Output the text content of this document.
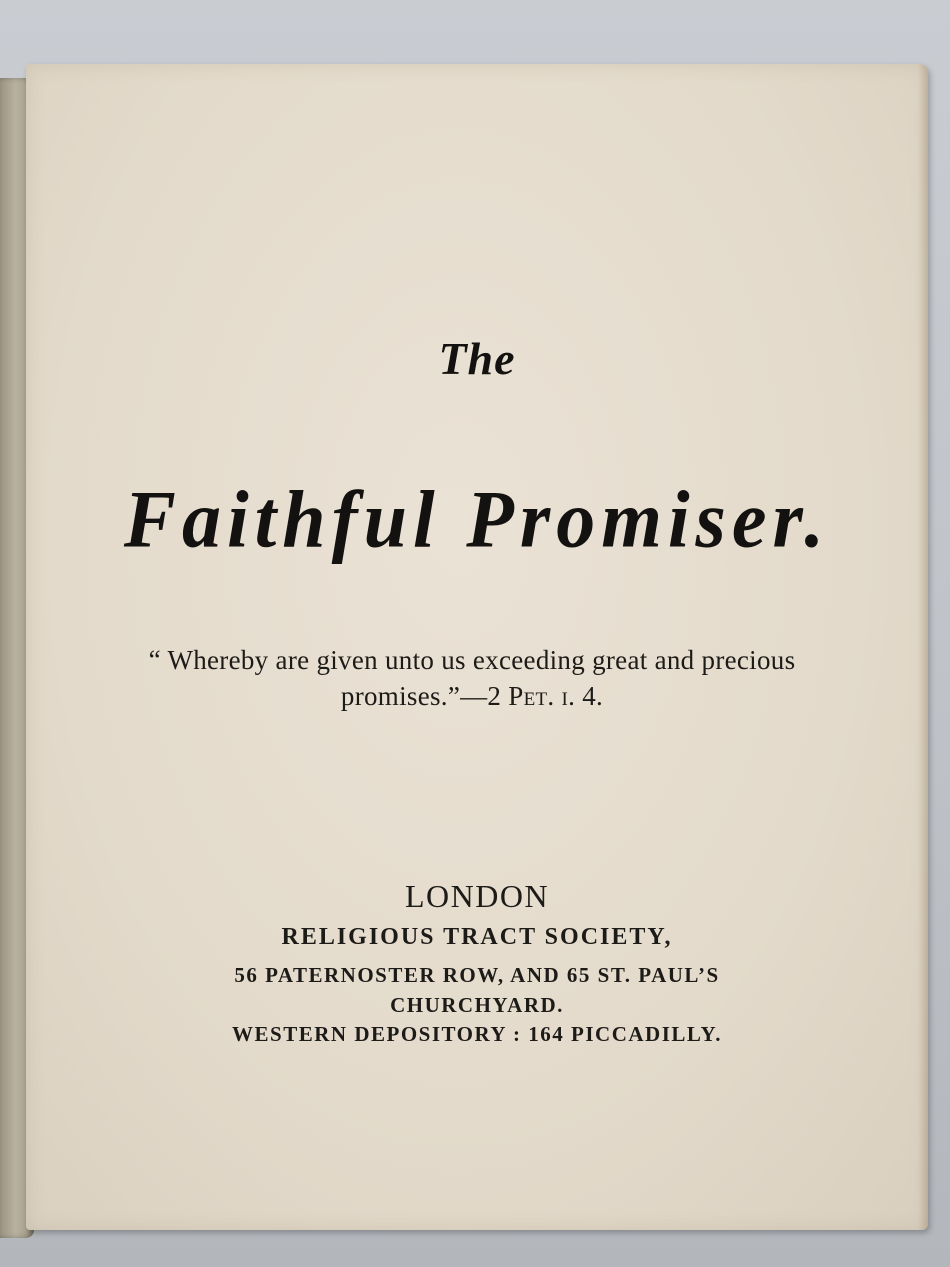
The
Faithful Promiser.
“ Whereby are given unto us exceeding great and precious promises.”—2 Pet. i. 4.
LONDON
RELIGIOUS TRACT SOCIETY,
56 PATERNOSTER ROW, AND 65 ST. PAUL’S
CHURCHYARD.
WESTERN DEPOSITORY : 164 PICCADILLY.
